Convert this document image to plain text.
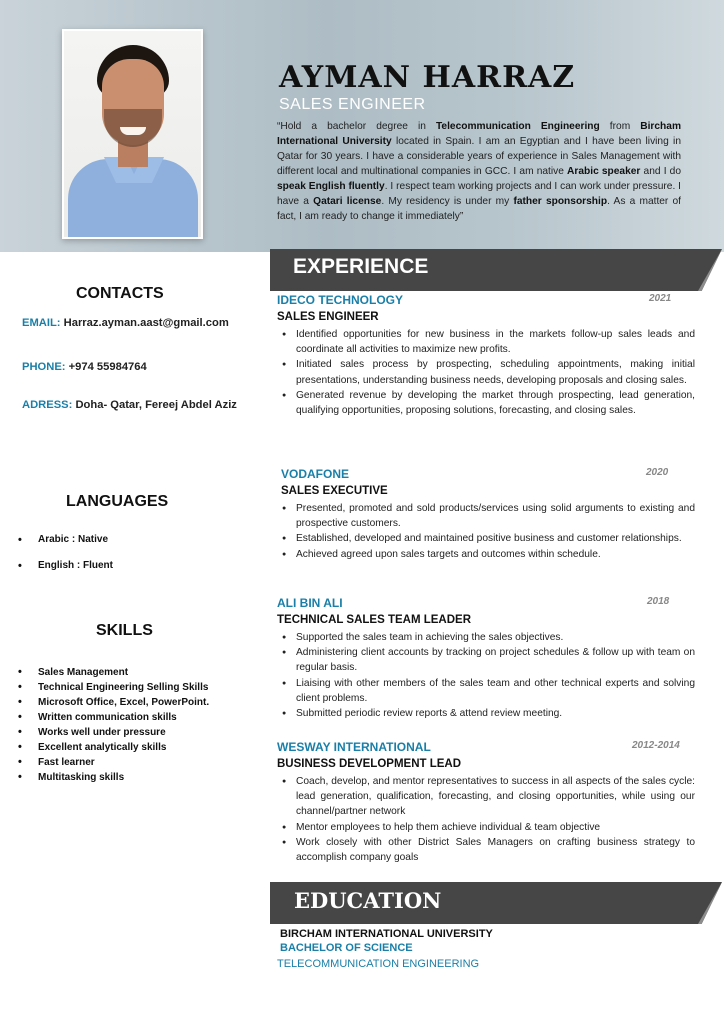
AYMAN HARRAZ
SALES ENGINEER

“Hold a bachelor degree in Telecommunication Engineering from Bircham International University located in Spain. I am an Egyptian and I have been living in Qatar for 30 years. I have a considerable years of experience in Sales Management with different local and multinational companies in GCC. I am native Arabic speaker and I do speak English fluently. I respect team working projects and I can work under pressure. I have a Qatari license. My residency is under my father sponsorship. As a matter of fact, I am ready to change it immediately”

CONTACTS
EMAIL: Harraz.ayman.aast@gmail.com
PHONE: +974 55984764
ADRESS: Doha- Qatar, Fereej Abdel Aziz
LANGUAGES
• Arabic : Native
• English : Fluent
SKILLS
• Sales Management
• Technical Engineering Selling Skills
• Microsoft Office, Excel, PowerPoint.
• Written communication skills
• Works well under pressure
• Excellent analytically skills
• Fast learner
• Multitasking skills
EXPERIENCE
IDECO TECHNOLOGY	2021
SALES ENGINEER
● Identified opportunities for new business in the markets follow-up sales leads and coordinate all activities to maximize new profits.
● Initiated sales process by prospecting, scheduling appointments, making initial presentations, understanding business needs, developing proposals and closing sales.
● Generated revenue by developing the market through prospecting, lead generation, qualifying opportunities, proposing solutions, forecasting, and closing sales.
VODAFONE	2020
SALES EXECUTIVE
● Presented, promoted and sold products/services using solid arguments to existing and prospective customers.
● Established, developed and maintained positive business and customer relationships.
● Achieved agreed upon sales targets and outcomes within schedule.
ALI BIN ALI	2018
TECHNICAL SALES TEAM LEADER
● Supported the sales team in achieving the sales objectives.
● Administering client accounts by tracking on project schedules & follow up with team on regular basis.
● Liaising with other members of the sales team and other technical experts and solving client problems.
● Submitted periodic review reports & attend review meeting.
WESWAY INTERNATIONAL	2012-2014
BUSINESS DEVELOPMENT LEAD
● Coach, develop, and mentor representatives to success in all aspects of the sales cycle: lead generation, qualification, forecasting, and closing opportunities, while using our channel/partner network
● Mentor employees to help them achieve individual & team objective
● Work closely with other District Sales Managers on crafting business strategy to accomplish company goals
EDUCATION
BIRCHAM INTERNATIONAL UNIVERSITY
BACHELOR OF SCIENCE
TELECOMMUNICATION ENGINEERING
